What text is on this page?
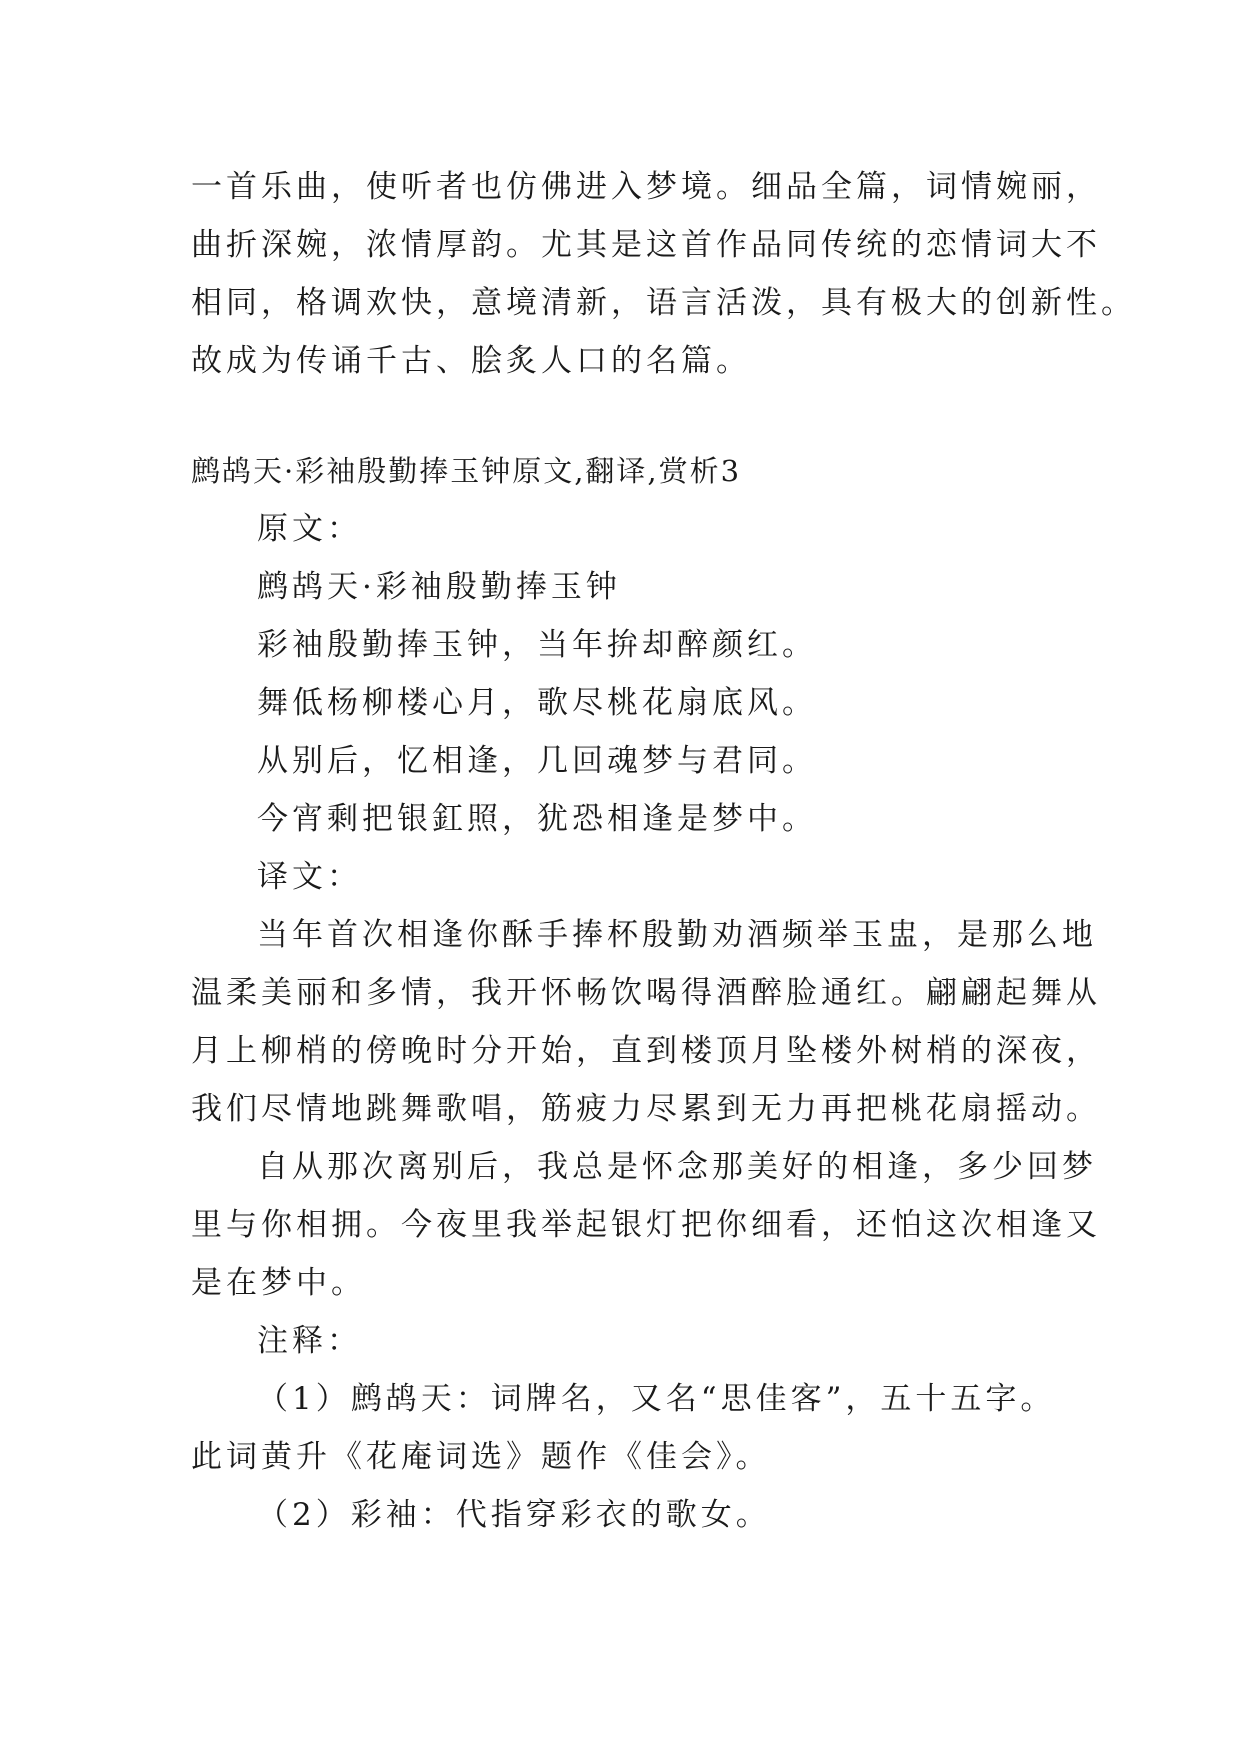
一首乐曲，使听者也仿佛进入梦境。细品全篇，词情婉丽，
曲折深婉，浓情厚韵。尤其是这首作品同传统的恋情词大不
相同，格调欢快，意境清新，语言活泼，具有极大的创新性。
故成为传诵千古、脍炙人口的名篇。
鹧鸪天·彩袖殷勤捧玉钟原文,翻译,赏析3
原文：
鹧鸪天·彩袖殷勤捧玉钟
彩袖殷勤捧玉钟，当年拚却醉颜红。
舞低杨柳楼心月，歌尽桃花扇底风。
从别后，忆相逢，几回魂梦与君同。
今宵剩把银釭照，犹恐相逢是梦中。
译文：
当年首次相逢你酥手捧杯殷勤劝酒频举玉盅，是那么地
温柔美丽和多情，我开怀畅饮喝得酒醉脸通红。翩翩起舞从
月上柳梢的傍晚时分开始，直到楼顶月坠楼外树梢的深夜，
我们尽情地跳舞歌唱，筋疲力尽累到无力再把桃花扇摇动。
自从那次离别后，我总是怀念那美好的相逢，多少回梦
里与你相拥。今夜里我举起银灯把你细看，还怕这次相逢又
是在梦中。
注释：
（1）鹧鸪天：词牌名，又名“思佳客”，五十五字。
此词黄升《花庵词选》题作《佳会》。
（2）彩袖：代指穿彩衣的歌女。
